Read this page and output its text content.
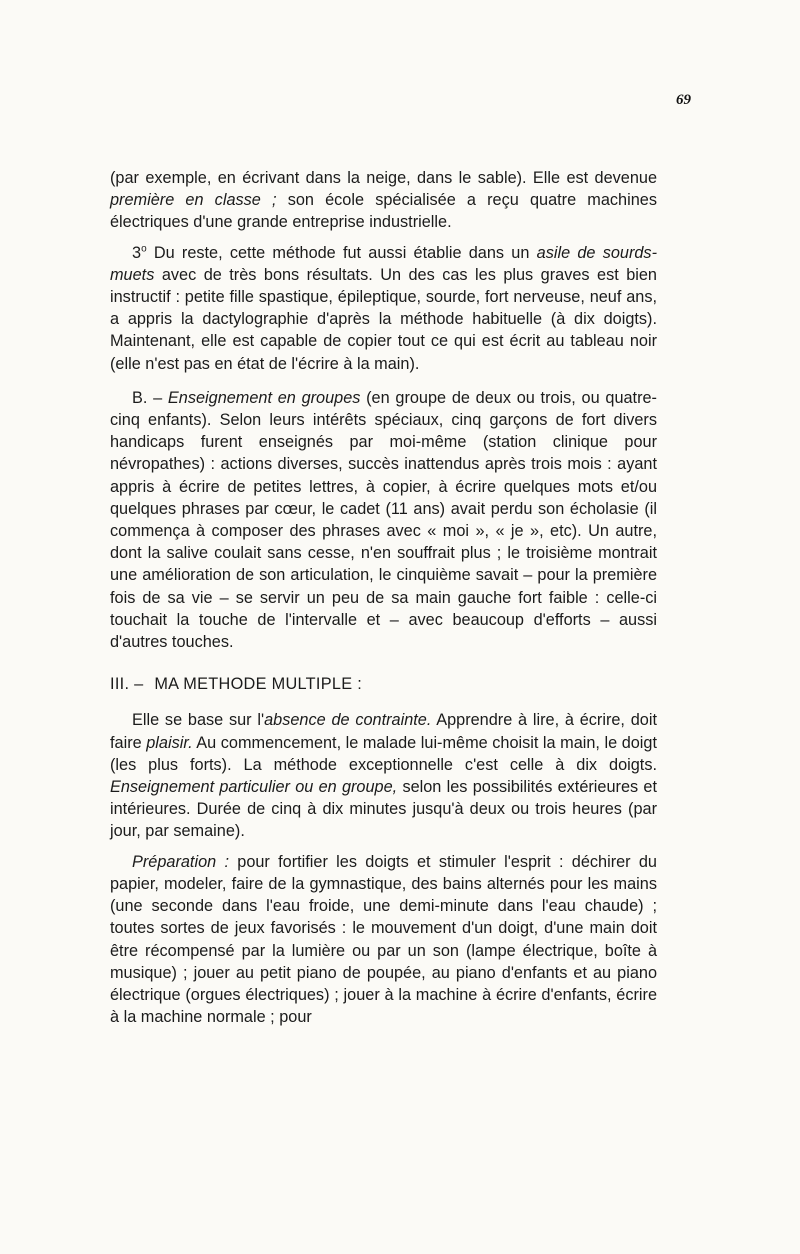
69

(par exemple, en écrivant dans la neige, dans le sable). Elle est devenue première en classe ; son école spécialisée a reçu quatre machines électriques d'une grande entreprise industrielle.

3$^o$ Du reste, cette méthode fut aussi établie dans un asile de sourds-muets avec de très bons résultats. Un des cas les plus graves est bien instructif : petite fille spastique, épileptique, sourde, fort nerveuse, neuf ans, a appris la dactylographie d'après la méthode habituelle (à dix doigts). Maintenant, elle est capable de copier tout ce qui est écrit au tableau noir (elle n'est pas en état de l'écrire à la main).

B. – Enseignement en groupes (en groupe de deux ou trois, ou quatre-cinq enfants). Selon leurs intérêts spéciaux, cinq garçons de fort divers handicaps furent enseignés par moi-même (station clinique pour névropathes) : actions diverses, succès inattendus après trois mois : ayant appris à écrire de petites lettres, à copier, à écrire quelques mots et/ou quelques phrases par cœur, le cadet (11 ans) avait perdu son écholasie (il commença à composer des phrases avec « moi », « je », etc). Un autre, dont la salive coulait sans cesse, n'en souffrait plus ; le troisième montrait une amélioration de son articulation, le cinquième savait – pour la première fois de sa vie – se servir un peu de sa main gauche fort faible : celle-ci touchait la touche de l'intervalle et – avec beaucoup d'efforts – aussi d'autres touches.

III. – MA METHODE MULTIPLE :

Elle se base sur l'absence de contrainte. Apprendre à lire, à écrire, doit faire plaisir. Au commencement, le malade lui-même choisit la main, le doigt (les plus forts). La méthode exceptionnelle c'est celle à dix doigts. Enseignement particulier ou en groupe, selon les possibilités extérieures et intérieures. Durée de cinq à dix minutes jusqu'à deux ou trois heures (par jour, par semaine).

Préparation : pour fortifier les doigts et stimuler l'esprit : déchirer du papier, modeler, faire de la gymnastique, des bains alternés pour les mains (une seconde dans l'eau froide, une demi-minute dans l'eau chaude) ; toutes sortes de jeux favorisés : le mouvement d'un doigt, d'une main doit être récompensé par la lumière ou par un son (lampe électrique, boîte à musique) ; jouer au petit piano de poupée, au piano d'enfants et au piano électrique (orgues électriques) ; jouer à la machine à écrire d'enfants, écrire à la machine normale ; pour
